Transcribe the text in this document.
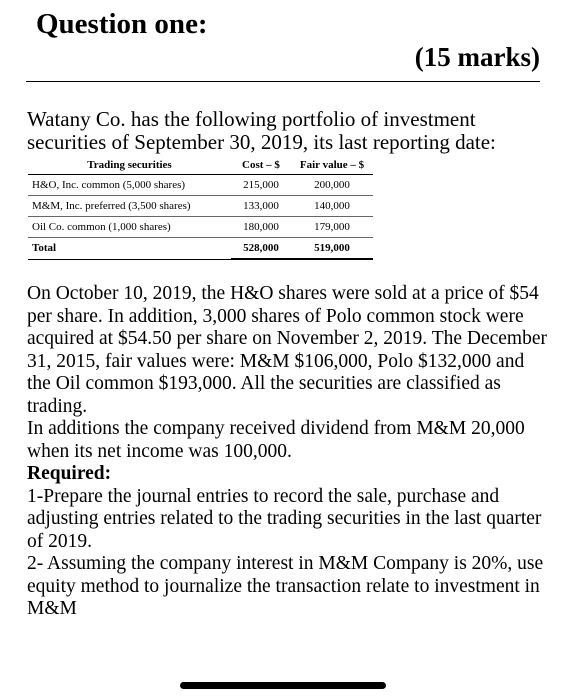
Question one:
(15 marks)
Watany Co. has the following portfolio of investment securities of September 30, 2019, its last reporting date:
Trading securities	Cost – $	Fair value – $
H&O, Inc. common (5,000 shares)	215,000	200,000
M&M, Inc. preferred (3,500 shares)	133,000	140,000
Oil Co. common (1,000 shares)	180,000	179,000
Total	528,000	519,000

On October 10, 2019, the H&O shares were sold at a price of $54 per share. In addition, 3,000 shares of Polo common stock were acquired at $54.50 per share on November 2, 2019. The December 31, 2015, fair values were: M&M $106,000, Polo $132,000 and the Oil common $193,000. All the securities are classified as trading.

In additions the company received dividend from M&M 20,000 when its net income was 100,000.

Required:

1-Prepare the journal entries to record the sale, purchase and adjusting entries related to the trading securities in the last quarter of 2019.

2- Assuming the company interest in M&M Company is 20%, use equity method to journalize the transaction relate to investment in M&M
